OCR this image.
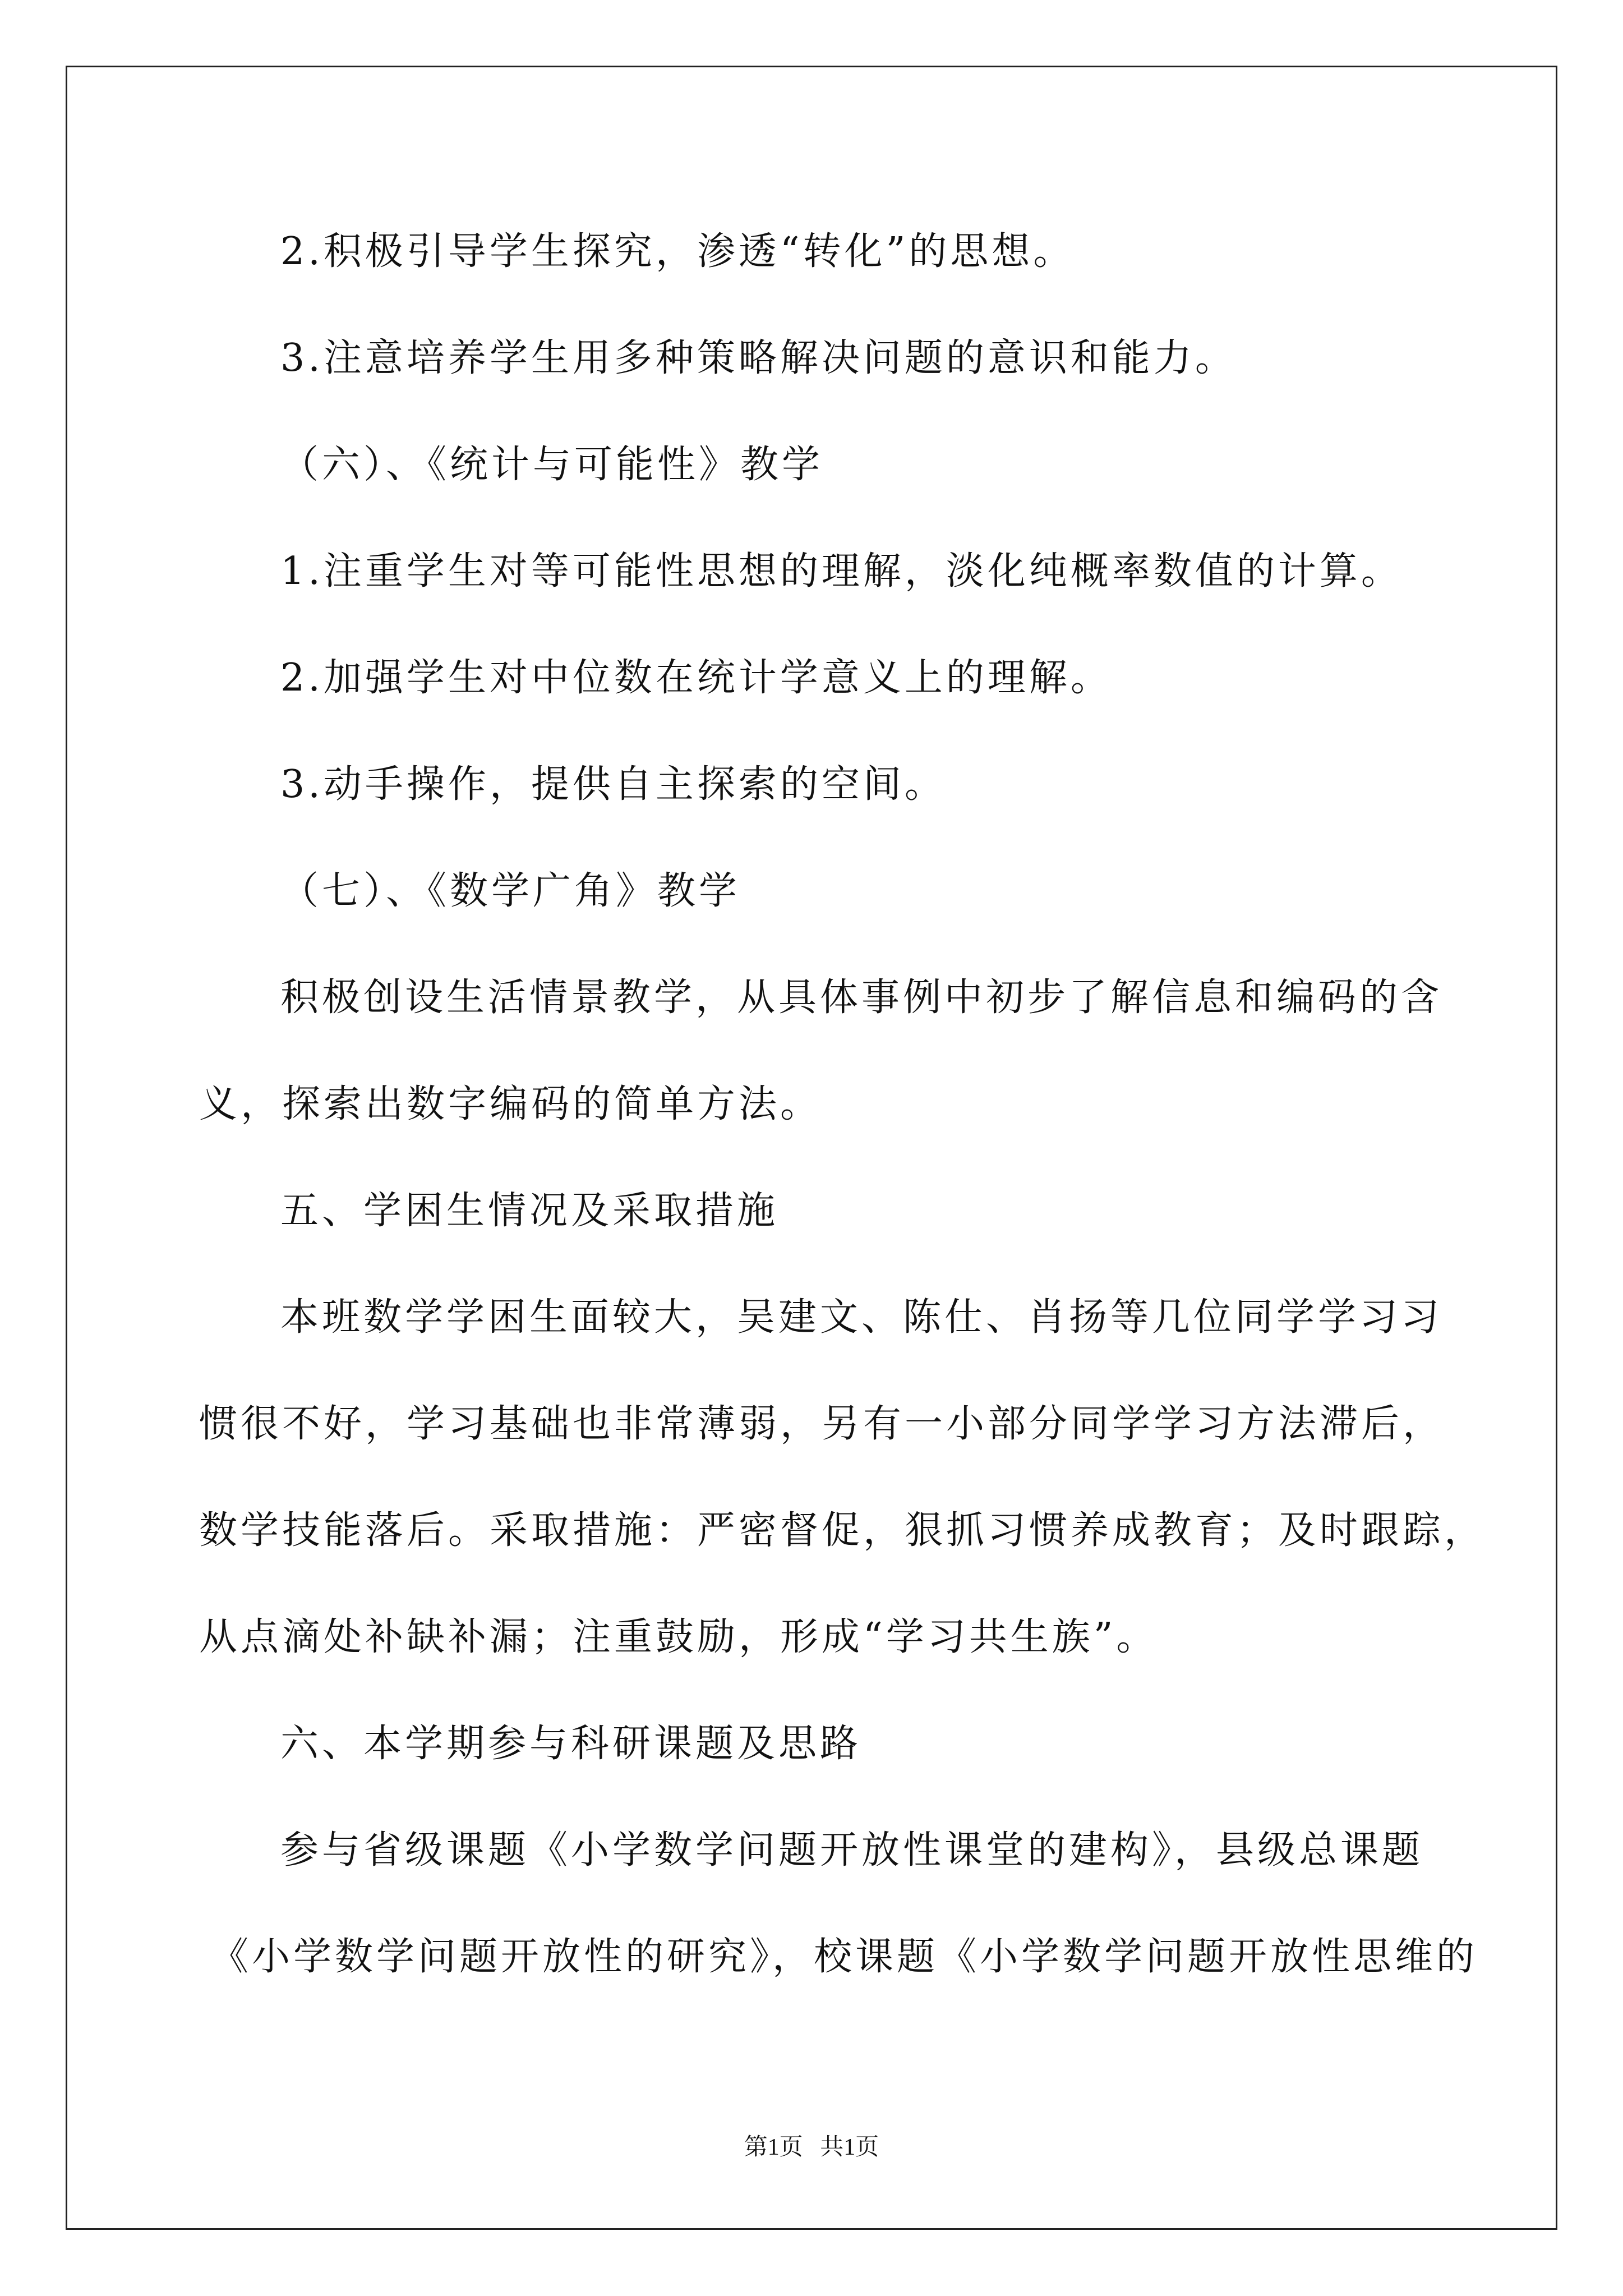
2.积极引导学生探究，渗透“转化”的思想。
3.注意培养学生用多种策略解决问题的意识和能力。
（六）、《统计与可能性》教学
1.注重学生对等可能性思想的理解，淡化纯概率数值的计算。
2.加强学生对中位数在统计学意义上的理解。
3.动手操作，提供自主探索的空间。
（七）、《数学广角》教学
积极创设生活情景教学，从具体事例中初步了解信息和编码的含
义，探索出数字编码的简单方法。
五、学困生情况及采取措施
本班数学学困生面较大，吴建文、陈仕、肖扬等几位同学学习习
惯很不好，学习基础也非常薄弱，另有一小部分同学学习方法滞后，
数学技能落后。采取措施：严密督促，狠抓习惯养成教育；及时跟踪，
从点滴处补缺补漏；注重鼓励，形成“学习共生族”。
六、本学期参与科研课题及思路
参与省级课题《小学数学问题开放性课堂的建构》，县级总课题
《小学数学问题开放性的研究》，校课题《小学数学问题开放性思维的
第1页 共1页
